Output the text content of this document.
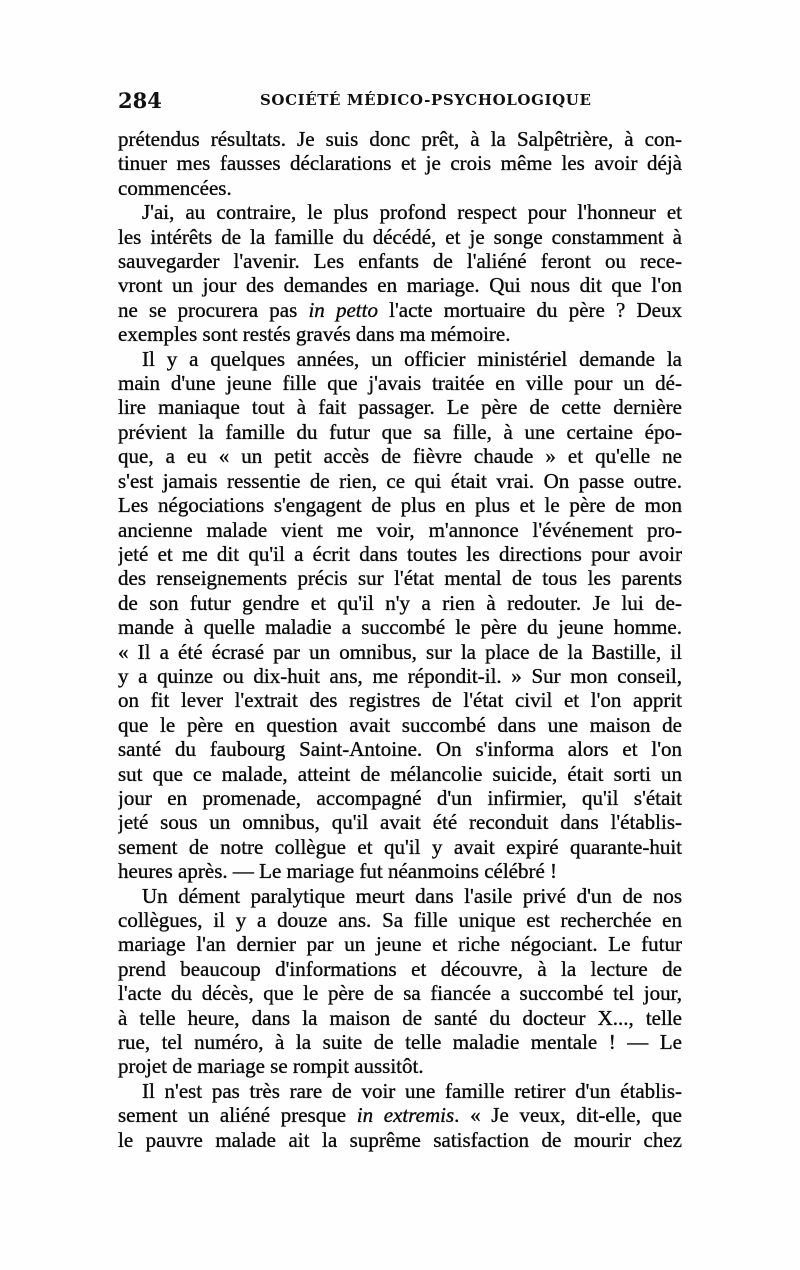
284	SOCIÉTÉ MÉDICO-PSYCHOLOGIQUE
prétendus résultats. Je suis donc prêt, à la Salpêtrière, à con-
tinuer mes fausses déclarations et je crois même les avoir déjà
commencées.
J'ai, au contraire, le plus profond respect pour l'honneur et
les intérêts de la famille du décédé, et je songe constamment à
sauvegarder l'avenir. Les enfants de l'aliéné feront ou rece-
vront un jour des demandes en mariage. Qui nous dit que l'on
ne se procurera pas in petto l'acte mortuaire du père ? Deux
exemples sont restés gravés dans ma mémoire.
Il y a quelques années, un officier ministériel demande la
main d'une jeune fille que j'avais traitée en ville pour un dé-
lire maniaque tout à fait passager. Le père de cette dernière
prévient la famille du futur que sa fille, à une certaine épo-
que, a eu « un petit accès de fièvre chaude » et qu'elle ne
s'est jamais ressentie de rien, ce qui était vrai. On passe outre.
Les négociations s'engagent de plus en plus et le père de mon
ancienne malade vient me voir, m'annonce l'événement pro-
jeté et me dit qu'il a écrit dans toutes les directions pour avoir
des renseignements précis sur l'état mental de tous les parents
de son futur gendre et qu'il n'y a rien à redouter. Je lui de-
mande à quelle maladie a succombé le père du jeune homme.
« Il a été écrasé par un omnibus, sur la place de la Bastille, il
y a quinze ou dix-huit ans, me répondit-il. » Sur mon conseil,
on fit lever l'extrait des registres de l'état civil et l'on apprit
que le père en question avait succombé dans une maison de
santé du faubourg Saint-Antoine. On s'informa alors et l'on
sut que ce malade, atteint de mélancolie suicide, était sorti un
jour en promenade, accompagné d'un infirmier, qu'il s'était
jeté sous un omnibus, qu'il avait été reconduit dans l'établis-
sement de notre collègue et qu'il y avait expiré quarante-huit
heures après. — Le mariage fut néanmoins célébré !
Un dément paralytique meurt dans l'asile privé d'un de nos
collègues, il y a douze ans. Sa fille unique est recherchée en
mariage l'an dernier par un jeune et riche négociant. Le futur
prend beaucoup d'informations et découvre, à la lecture de
l'acte du décès, que le père de sa fiancée a succombé tel jour,
à telle heure, dans la maison de santé du docteur X..., telle
rue, tel numéro, à la suite de telle maladie mentale ! — Le
projet de mariage se rompit aussitôt.
Il n'est pas très rare de voir une famille retirer d'un établis-
sement un aliéné presque in extremis. « Je veux, dit-elle, que
le pauvre malade ait la suprême satisfaction de mourir chez
